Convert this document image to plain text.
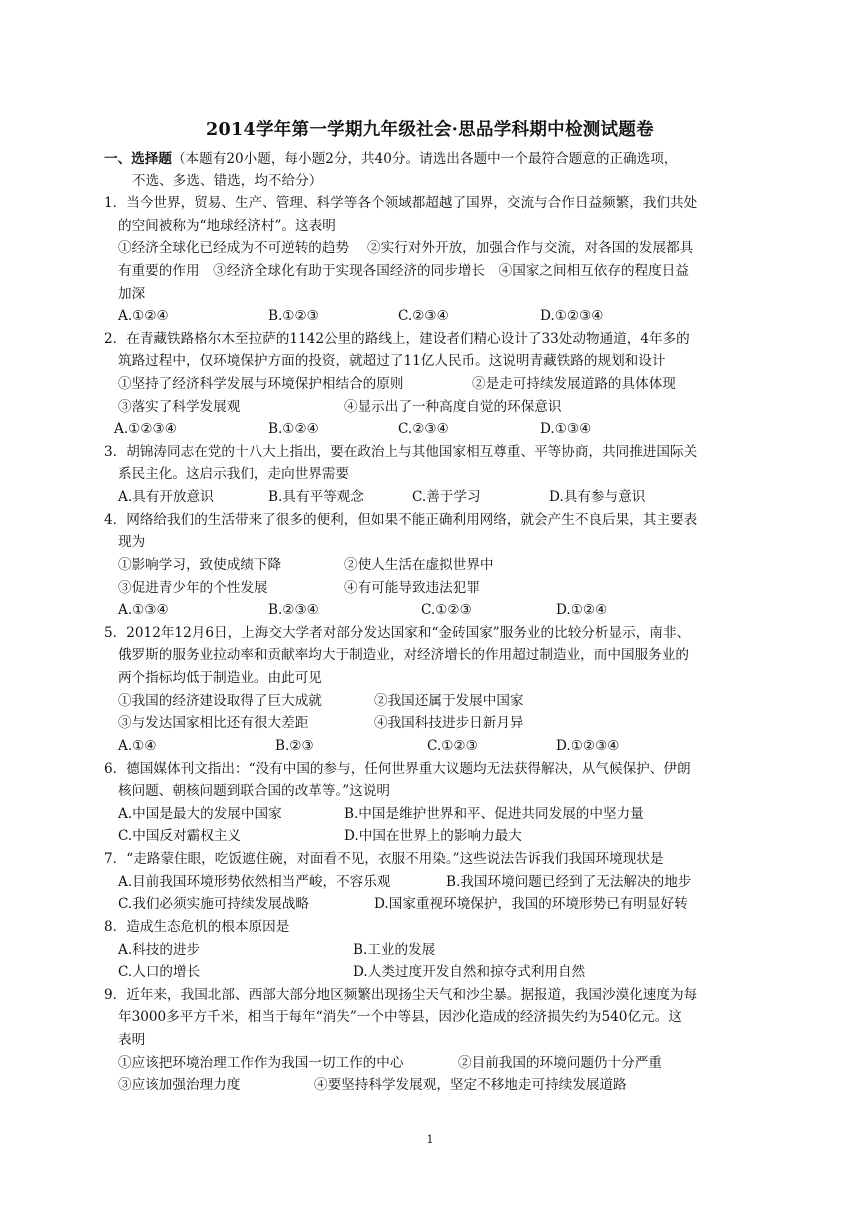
2014学年第一学期九年级社会·思品学科期中检测试题卷
一、选择题（本题有20小题，每小题2分，共40分。请选出各题中一个最符合题意的正确选项，
不选、多选、错选，均不给分）
1．当今世界，贸易、生产、管理、科学等各个领域都超越了国界，交流与合作日益频繁，我们共处
的空间被称为“地球经济村”。这表明
①经济全球化已经成为不可逆转的趋势　 ②实行对外开放，加强合作与交流，对各国的发展都具
有重要的作用　③经济全球化有助于实现各国经济的同步增长　④国家之间相互依存的程度日益
加深
A.①②④	B.①②③	C.②③④	D.①②③④
2．在青藏铁路格尔木至拉萨的1142公里的路线上，建设者们精心设计了33处动物通道，4年多的
筑路过程中，仅环境保护方面的投资，就超过了11亿人民币。这说明青藏铁路的规划和设计
①坚持了经济科学发展与环境保护相结合的原则	②是走可持续发展道路的具体体现
③落实了科学发展观	④显示出了一种高度自觉的环保意识
A.①②③④	B.①②④	C.②③④	D.①③④
3．胡锦涛同志在党的十八大上指出，要在政治上与其他国家相互尊重、平等协商，共同推进国际关
系民主化。这启示我们，走向世界需要
A.具有开放意识	B.具有平等观念	C.善于学习	D.具有参与意识
4．网络给我们的生活带来了很多的便利，但如果不能正确利用网络，就会产生不良后果，其主要表
现为
①影响学习，致使成绩下降	②使人生活在虚拟世界中
③促进青少年的个性发展	④有可能导致违法犯罪
A.①③④	B.②③④	C.①②③	D.①②④
5．2012年12月6日，上海交大学者对部分发达国家和“金砖国家”服务业的比较分析显示，南非、
俄罗斯的服务业拉动率和贡献率均大于制造业，对经济增长的作用超过制造业，而中国服务业的
两个指标均低于制造业。由此可见
①我国的经济建设取得了巨大成就	②我国还属于发展中国家
③与发达国家相比还有很大差距	④我国科技进步日新月异
A.①④	B.②③	C.①②③	D.①②③④
6．德国媒体刊文指出：“没有中国的参与，任何世界重大议题均无法获得解决，从气候保护、伊朗
核问题、朝核问题到联合国的改革等。”这说明
A.中国是最大的发展中国家	B.中国是维护世界和平、促进共同发展的中坚力量
C.中国反对霸权主义	D.中国在世界上的影响力最大
7．“走路蒙住眼，吃饭遮住碗，对面看不见，衣服不用染。”这些说法告诉我们我国环境现状是
A.目前我国环境形势依然相当严峻，不容乐观	B.我国环境问题已经到了无法解决的地步
C.我们必须实施可持续发展战略	D.国家重视环境保护，我国的环境形势已有明显好转
8．造成生态危机的根本原因是
A.科技的进步	B.工业的发展
C.人口的增长	D.人类过度开发自然和掠夺式利用自然
9．近年来，我国北部、西部大部分地区频繁出现扬尘天气和沙尘暴。据报道，我国沙漠化速度为每
年3000多平方千米，相当于每年“消失”一个中等县，因沙化造成的经济损失约为540亿元。这
表明
①应该把环境治理工作作为我国一切工作的中心	②目前我国的环境问题仍十分严重
③应该加强治理力度	④要坚持科学发展观，坚定不移地走可持续发展道路
1
